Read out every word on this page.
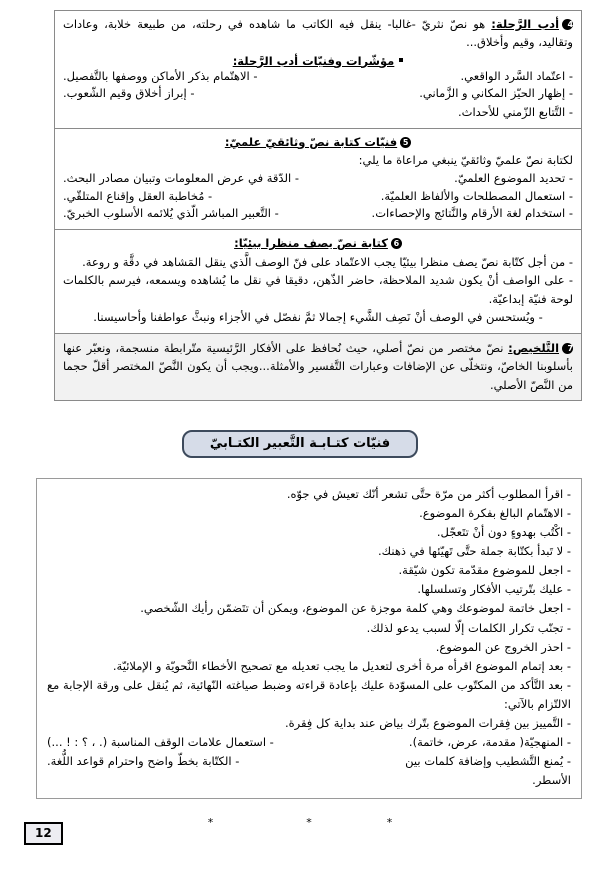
4أدب الرَّحلة: هو نصّ نثريّ -غالبا- ينقل فيه الكاتب ما شاهده في رحلته، من طبيعة خلابة، وعادات وتقاليد، وقيم وأخلاق...
مؤشّرات وفنيّات أدب الرَّحلة:
- اعتّماد السَّرد الواقعي.
- الاهتّمام بذكر الأماكن ووصفها بالتَّفصيل.
- إظهار الحيّز المكاني و الزَّماني.
- إبراز أخلاق وقيم الشّعوب.
- التَّتابع الزّمني للأحداث.
5فنيّات كتابة نصّ وثائقيّ علميّ:
لكتابة نصّ علميّ وثائقيّ ينبغي مراعاة ما يلي:
- تحديد الموضوع العلميّ.
- الدّقة في عرض المعلومات وتبيان مصادر البحث.
- استعمال المصطلحات والألفاظ العلميّة.
- مُخاطبة العقل وإقناع المتلقّي.
- استخدام لغة الأرقام والنَّتائج والإحصاءات.
- التَّعبير المباشر الّذي يُلائمه الأسلوب الخبريّ.
6كتابة نصّ يصف منظرا بيئيّا:
- من أجل كتّابة نصّ يصف منظرا بيئيّا يجب الاعتّماد على فنّ الوصف الَّذي ينقل المَشاهد في دقَّة و روعة.
- على الواصف أنْ يكون شديد الملاحظة، حاضر الذّهن، دقيقا في نقل ما يُشاهده ويسمعه، فيرسم بالكلمات لوحة فنيّة إبداعيّة.
- ويُستحسن في الوصف أنْ نَصِف الشَّيء إجمالا ثمَّ نفصّل في الأجزاء ونبثَّ عواطفنا وأحاسيسنا.
7التَّلخيص: نصّ مختصر من نصّ أصلي، حيث نُحافظ على الأفكار الرَّئيسية متّرابطة منسجمة، ونعبّر عنها بأسلوبنا الخاصّ، ونتخلّى عن الإضافات وعبارات التَّفسير والأمثلة...ويجب أن يكون النَّصّ المختصر أقلّ حجما من النَّصّ الأصلي.
فنيّات كتـابـة التَّعبير الكتـابيّ
- اقرأ المطلوب أكثر من مرّة حتَّى تشعر أنّك تعيش في جوّه.
- الاهتّمام البالغ بفكرة الموضوع.
- اكْتُب بهدوءٍ دون أنْ تتَعجّل.
- لا تَبدأ بكتّابة جملة حتَّى تَهيّئها في ذهنك.
- اجعل للموضوع مقدّمة تكون شيّقة.
- عليك بتّرتيب الأفكار وتسلسلها.
- اجعل خاتمة لموضوعك وهي كلمة موجزة عن الموضوع، ويمكن أن تتَضمّن رأيك الشّخصي.
- تجنّب تكرار الكلمات إلّا لسبب يدعو لذلك.
- احذر الخروج عن الموضوع.
- بعد إتمام الموضوع اقرأه مرة أخرى لتعديل ما يجب تعديله مع تصحيح الأخطاء النَّحويّة و الإملائيّة.
- بعد التَّأكد من المكتّوب على المسوّدة عليك بإعادة قراءته وضبط صياغته النّهائية، ثم يُنقل على ورقة الإجابة مع الالتّزام بالآتي:
- التَّمييز بين فِقرات الموضوع بتّرك بياض عند بداية كل فِقرة.
- المنهجيّة( مقدمة، عرض، خاتمة).
- استعمال علامات الوقف المناسبة (. ، ؟ : ! ...)
- يُمنع التَّشطيب وإضافة كلمات بين الأسطر.
- الكتّابة بخطّ واضح واحترام قواعد اللُّغة.
*	*	*
12
